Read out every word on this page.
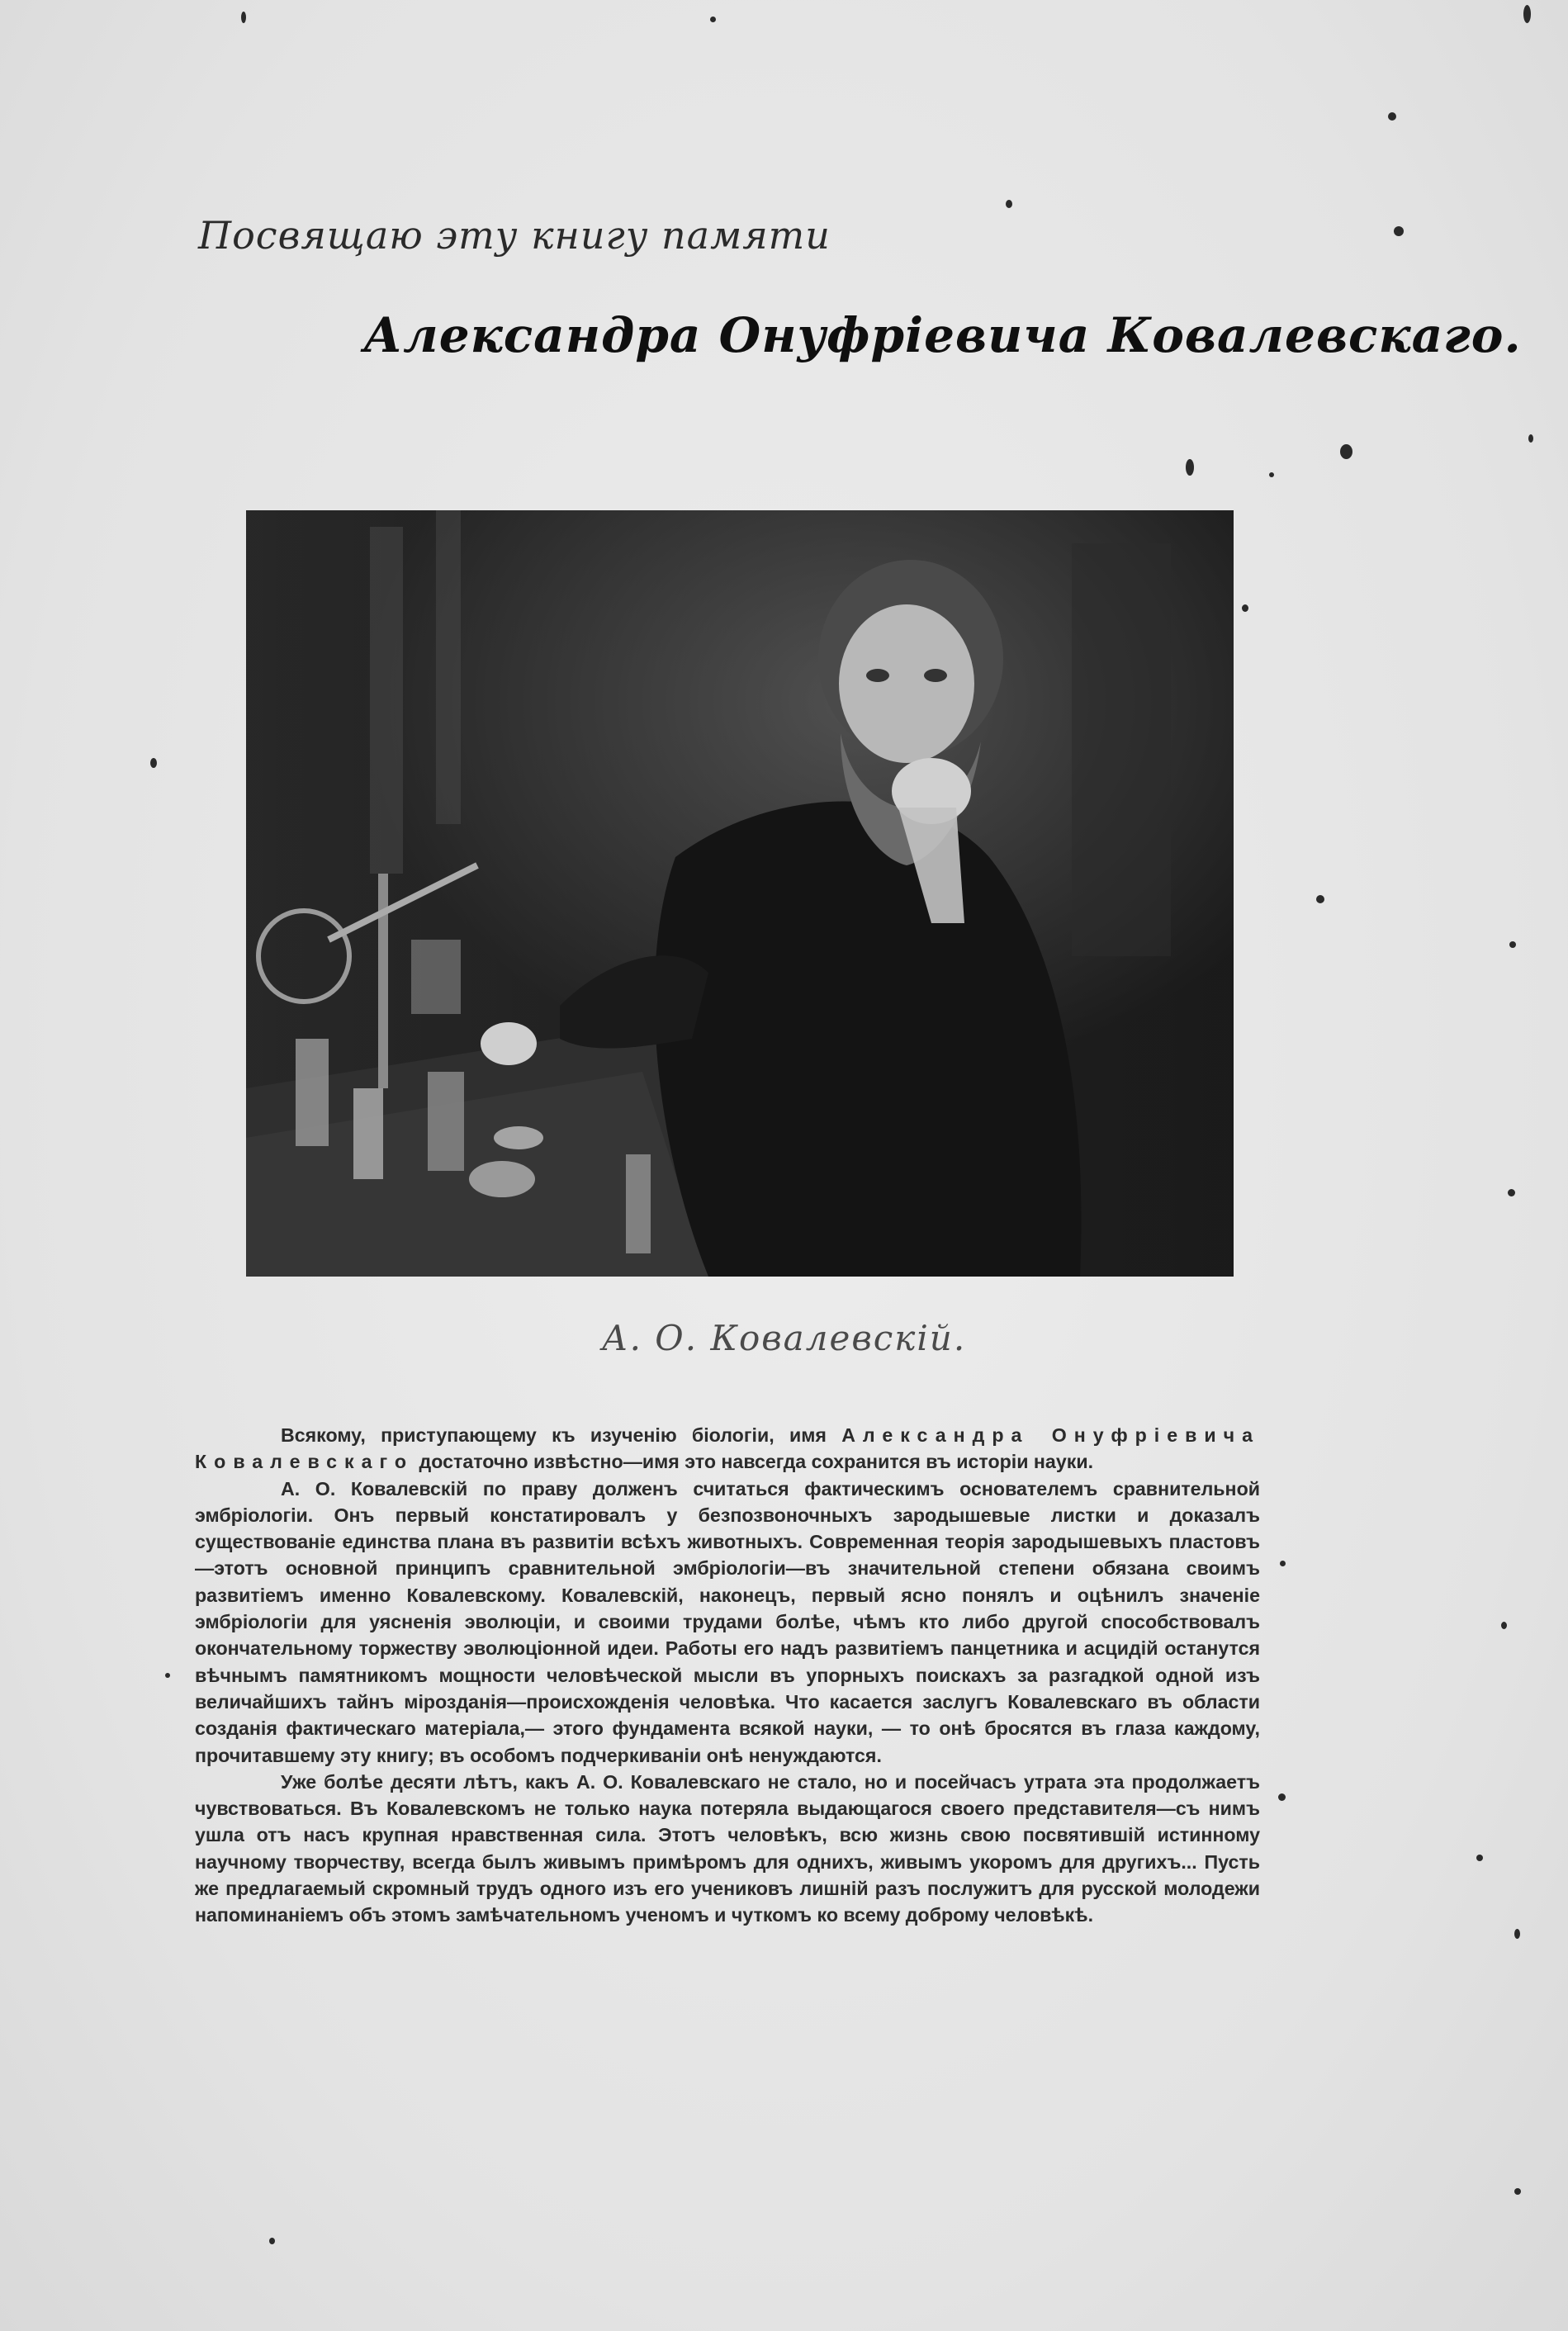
Посвящаю эту книгу памяти
Александра Онуфріевича Ковалевскаго.
А. О. Ковалевскій.

Всякому, приступающему къ изученію біологіи, имя Александра Онуфріевича Ковалевскаго достаточно извѣстно—имя это навсегда сохранится въ исторіи науки.

А. О. Ковалевскій по праву долженъ считаться фактическимъ основателемъ сравнительной эмбріологіи. Онъ первый констатировалъ у безпозвоночныхъ зародышевые листки и доказалъ существованіе единства плана въ развитіи всѣхъ животныхъ. Современная теорія зародышевыхъ пластовъ—этотъ основной принципъ сравнительной эмбріологіи—въ значительной степени обязана своимъ развитіемъ именно Ковалевскому. Ковалевскій, наконецъ, первый ясно понялъ и оцѣнилъ значеніе эмбріологіи для уясненія эволюціи, и своими трудами болѣе, чѣмъ кто либо другой способствовалъ окончательному торжеству эволюціонной идеи. Работы его надъ развитіемъ панцетника и асцидій останутся вѣчнымъ памятникомъ мощности человѣческой мысли въ упорныхъ поискахъ за разгадкой одной изъ величайшихъ тайнъ мірозданія—происхожденія человѣка. Что касается заслугъ Ковалевскаго въ области созданія фактическаго матеріала,— этого фундамента всякой науки, — то онѣ бросятся въ глаза каждому, прочитавшему эту книгу; въ особомъ подчеркиваніи онѣ ненуждаются.

Уже болѣе десяти лѣтъ, какъ А. О. Ковалевскаго не стало, но и посейчасъ утрата эта продолжаетъ чувствоваться. Въ Ковалевскомъ не только наука потеряла выдающагося своего представителя—съ нимъ ушла отъ насъ крупная нравственная сила. Этотъ человѣкъ, всю жизнь свою посвятившій истинному научному творчеству, всегда былъ живымъ примѣромъ для однихъ, живымъ укоромъ для другихъ... Пусть же предлагаемый скромный трудъ одного изъ его учениковъ лишній разъ послужитъ для русской молодежи напоминаніемъ объ этомъ замѣчательномъ ученомъ и чуткомъ ко всему доброму человѣкѣ.
